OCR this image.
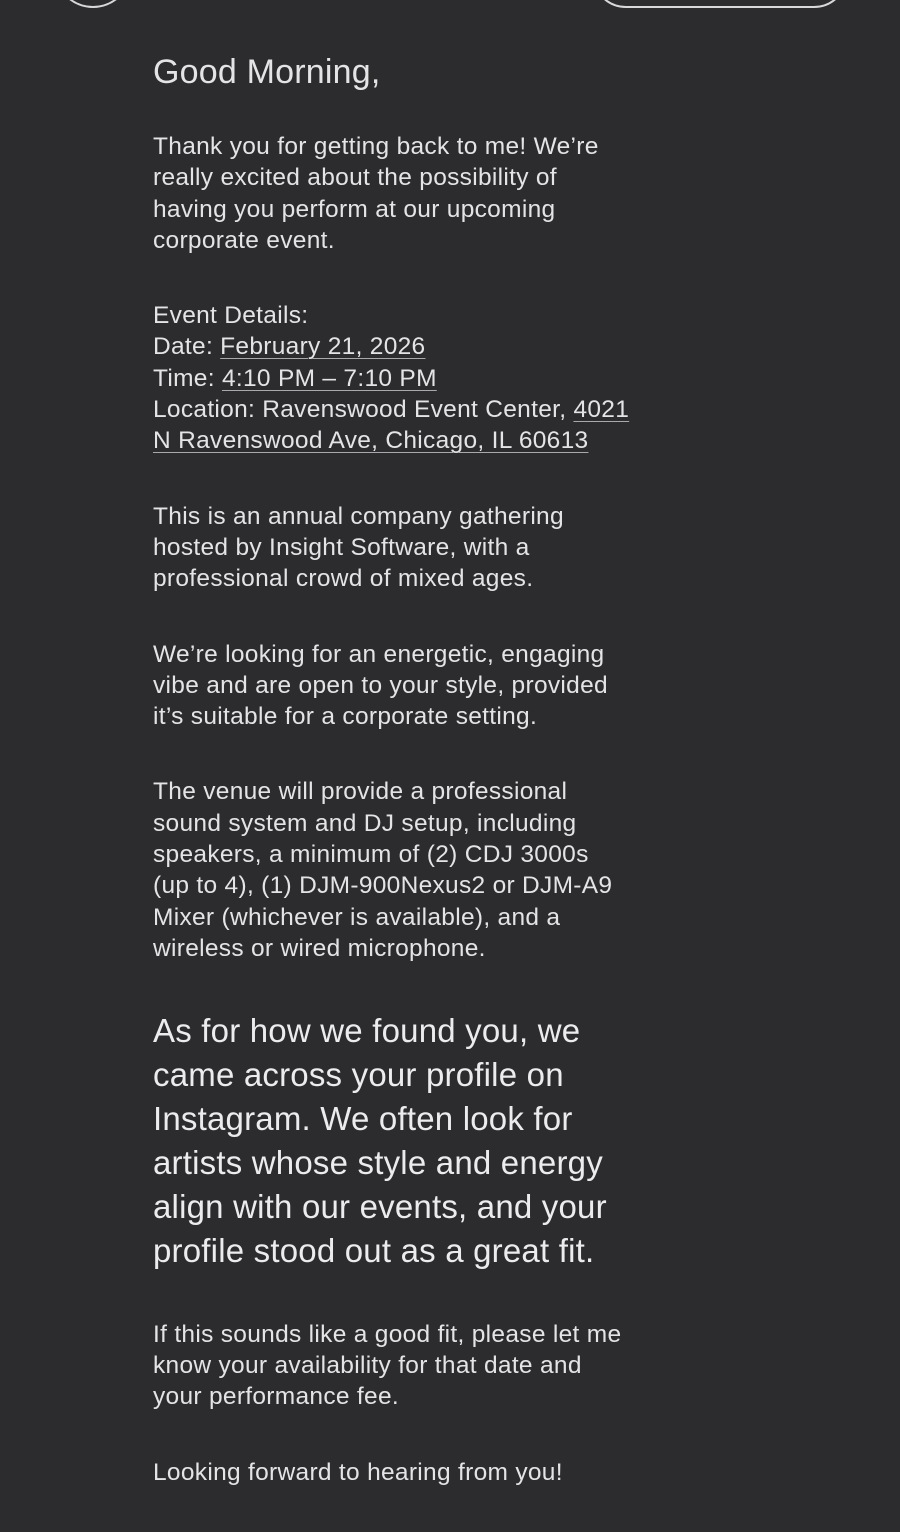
Good Morning,
Thank you for getting back to me! We’re
really excited about the possibility of
having you perform at our upcoming
corporate event.
Event Details:
Date: February 21, 2026
Time: 4:10 PM – 7:10 PM
Location: Ravenswood Event Center, 4021
N Ravenswood Ave, Chicago, IL 60613
This is an annual company gathering
hosted by Insight Software, with a
professional crowd of mixed ages.
We’re looking for an energetic, engaging
vibe and are open to your style, provided
it’s suitable for a corporate setting.
The venue will provide a professional
sound system and DJ setup, including
speakers, a minimum of (2) CDJ 3000s
(up to 4), (1) DJM-900Nexus2 or DJM-A9
Mixer (whichever is available), and a
wireless or wired microphone.
As for how we found you, we
came across your profile on
Instagram. We often look for
artists whose style and energy
align with our events, and your
profile stood out as a great fit.
If this sounds like a good fit, please let me
know your availability for that date and
your performance fee.
Looking forward to hearing from you!
